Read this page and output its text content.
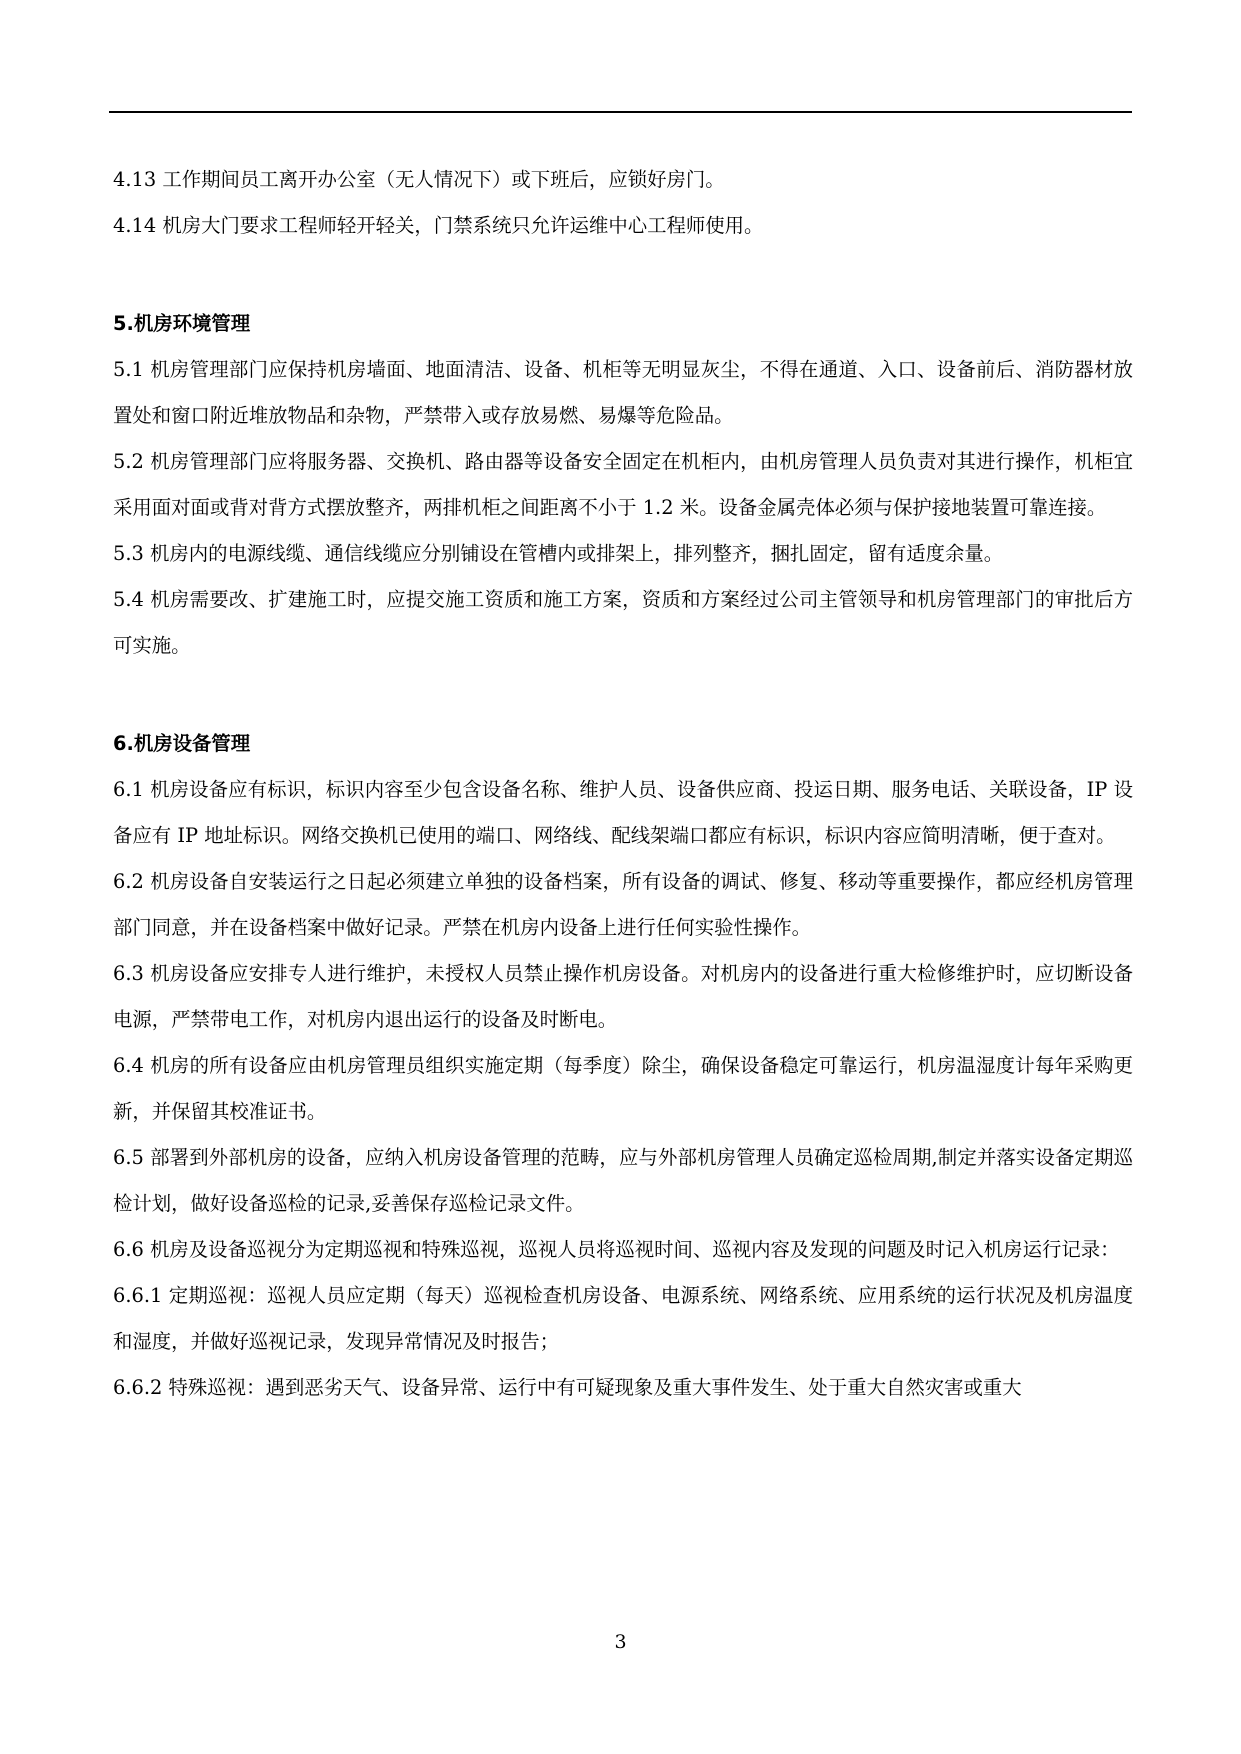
4.13 工作期间员工离开办公室（无人情况下）或下班后，应锁好房门。

4.14 机房大门要求工程师轻开轻关，门禁系统只允许运维中心工程师使用。

5.机房环境管理

5.1 机房管理部门应保持机房墙面、地面清洁、设备、机柜等无明显灰尘，不得在通道、入口、设备前后、消防器材放置处和窗口附近堆放物品和杂物，严禁带入或存放易燃、易爆等危险品。

5.2 机房管理部门应将服务器、交换机、路由器等设备安全固定在机柜内，由机房管理人员负责对其进行操作，机柜宜采用面对面或背对背方式摆放整齐，两排机柜之间距离不小于 1.2 米。设备金属壳体必须与保护接地装置可靠连接。

5.3 机房内的电源线缆、通信线缆应分别铺设在管槽内或排架上，排列整齐，捆扎固定，留有适度余量。

5.4 机房需要改、扩建施工时，应提交施工资质和施工方案，资质和方案经过公司主管领导和机房管理部门的审批后方可实施。

6.机房设备管理

6.1 机房设备应有标识，标识内容至少包含设备名称、维护人员、设备供应商、投运日期、服务电话、关联设备，IP 设备应有 IP 地址标识。网络交换机已使用的端口、网络线、配线架端口都应有标识，标识内容应简明清晰，便于查对。

6.2 机房设备自安装运行之日起必须建立单独的设备档案，所有设备的调试、修复、移动等重要操作，都应经机房管理部门同意，并在设备档案中做好记录。严禁在机房内设备上进行任何实验性操作。

6.3 机房设备应安排专人进行维护，未授权人员禁止操作机房设备。对机房内的设备进行重大检修维护时，应切断设备电源，严禁带电工作，对机房内退出运行的设备及时断电。

6.4 机房的所有设备应由机房管理员组织实施定期（每季度）除尘，确保设备稳定可靠运行，机房温湿度计每年采购更新，并保留其校准证书。

6.5 部署到外部机房的设备，应纳入机房设备管理的范畴，应与外部机房管理人员确定巡检周期,制定并落实设备定期巡检计划，做好设备巡检的记录,妥善保存巡检记录文件。

6.6 机房及设备巡视分为定期巡视和特殊巡视，巡视人员将巡视时间、巡视内容及发现的问题及时记入机房运行记录：

6.6.1 定期巡视：巡视人员应定期（每天）巡视检查机房设备、电源系统、网络系统、应用系统的运行状况及机房温度和湿度，并做好巡视记录，发现异常情况及时报告；

6.6.2 特殊巡视：遇到恶劣天气、设备异常、运行中有可疑现象及重大事件发生、处于重大自然灾害或重大

3
